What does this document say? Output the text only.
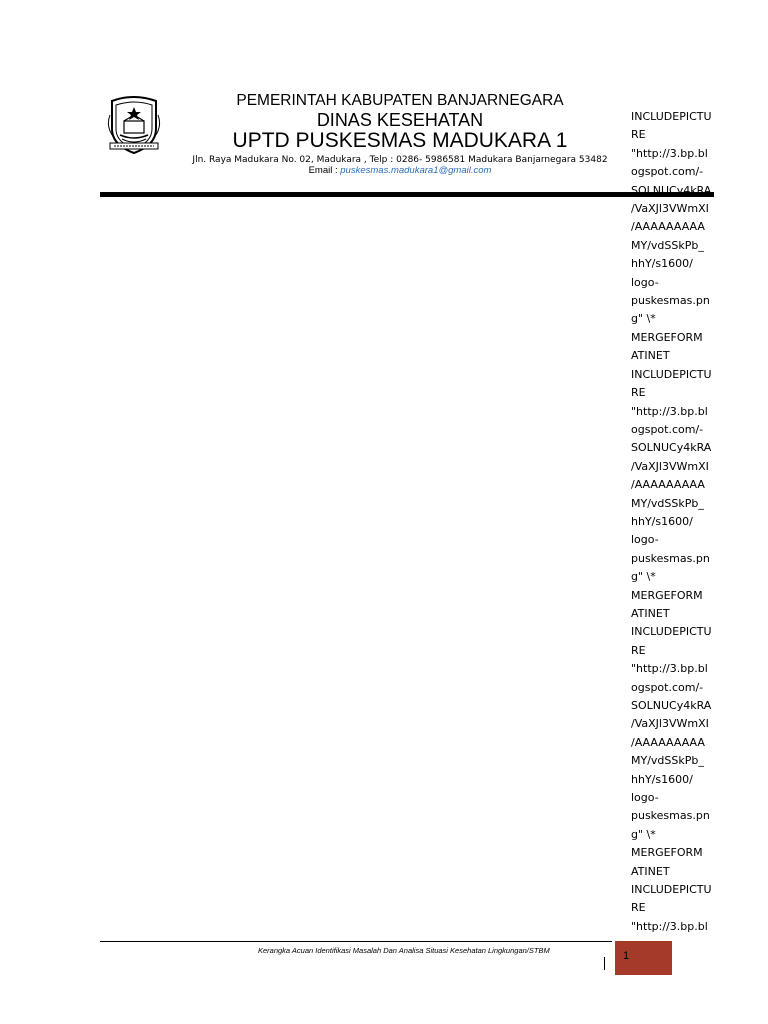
PEMERINTAH KABUPATEN BANJARNEGARA
DINAS KESEHATAN
UPTD PUSKESMAS MADUKARA 1
Jln. Raya Madukara No. 02, Madukara , Telp : 0286- 5986581 Madukara Banjarnegara 53482
Email : puskesmas.madukara1@gmail.com
INCLUDEPICTU
RE
"http://3.bp.bl
ogspot.com/-
SOLNUCy4kRA
/VaXJl3VWmXI
/AAAAAAAAA
MY/vdSSkPb_
hhY/s1600/
logo-
puskesmas.pn
g" \*
MERGEFORM
ATINET
INCLUDEPICTU
RE
"http://3.bp.bl
ogspot.com/-
SOLNUCy4kRA
/VaXJl3VWmXI
/AAAAAAAAA
MY/vdSSkPb_
hhY/s1600/
logo-
puskesmas.pn
g" \*
MERGEFORM
ATINET
INCLUDEPICTU
RE
"http://3.bp.bl
ogspot.com/-
SOLNUCy4kRA
/VaXJl3VWmXI
/AAAAAAAAA
MY/vdSSkPb_
hhY/s1600/
logo-
puskesmas.pn
g" \*
MERGEFORM
ATINET
INCLUDEPICTU
RE
"http://3.bp.bl
Kerangka Acuan Identifikasi Masalah Dan Analisa Situasi Kesehatan Lingkungan/STBM	1
